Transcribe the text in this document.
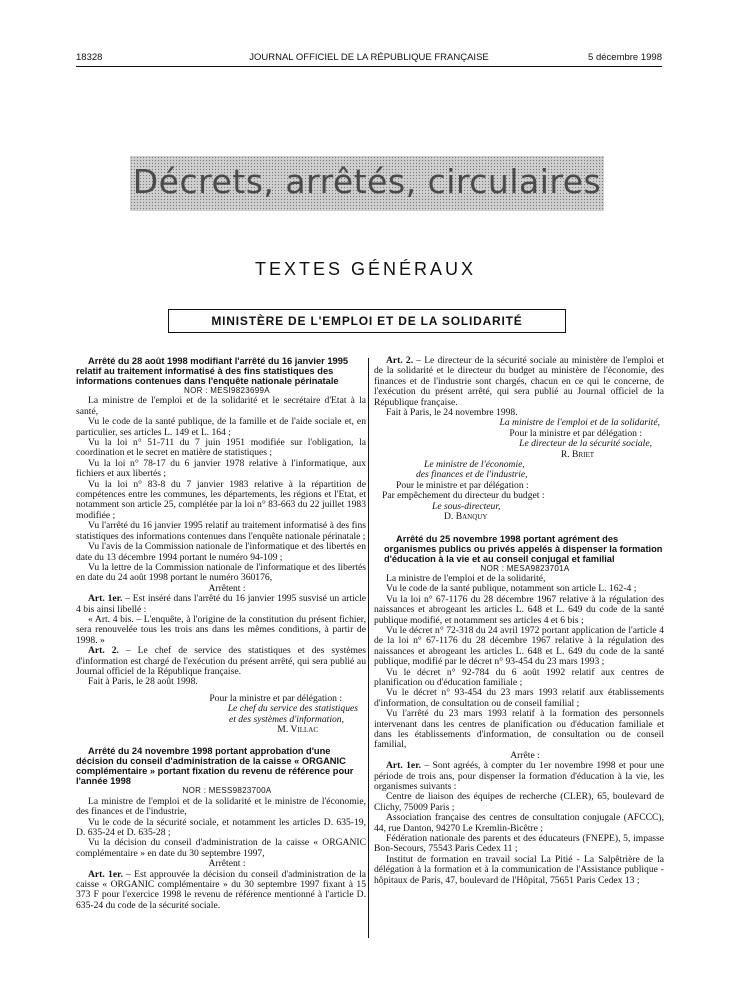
18328	JOURNAL OFFICIEL DE LA RÉPUBLIQUE FRANÇAISE	5 décembre 1998
Décrets, arrêtés, circulaires
TEXTES GÉNÉRAUX
MINISTÈRE DE L'EMPLOI ET DE LA SOLIDARITÉ

Arrêté du 28 août 1998 modifiant l'arrêté du 16 janvier 1995 relatif au traitement informatisé à des fins statistiques des informations contenues dans l'enquête nationale périnatale

NOR : MESI9823699A

La ministre de l'emploi et de la solidarité et le secrétaire d'Etat à la santé,

Vu le code de la santé publique, de la famille et de l'aide sociale et, en particulier, ses articles L. 149 et L. 164 ;

Vu la loi n° 51-711 du 7 juin 1951 modifiée sur l'obligation, la coordination et le secret en matière de statistiques ;

Vu la loi n° 78-17 du 6 janvier 1978 relative à l'informatique, aux fichiers et aux libertés ;

Vu la loi n° 83-8 du 7 janvier 1983 relative à la répartition de compétences entre les communes, les départements, les régions et l'Etat, et notamment son article 25, complétée par la loi n° 83-663 du 22 juillet 1983 modifiée ;

Vu l'arrêté du 16 janvier 1995 relatif au traitement informatisé à des fins statistiques des informations contenues dans l'enquête nationale périnatale ;

Vu l'avis de la Commission nationale de l'informatique et des libertés en date du 13 décembre 1994 portant le numéro 94-109 ;

Vu la lettre de la Commission nationale de l'informatique et des libertés en date du 24 août 1998 portant le numéro 360176,

Arrêtent :

Art. 1er. – Est inséré dans l'arrêté du 16 janvier 1995 susvisé un article 4 bis ainsi libellé :

« Art. 4 bis. – L'enquête, à l'origine de la constitution du présent fichier, sera renouvelée tous les trois ans dans les mêmes conditions, à partir de 1998. »

Art. 2. – Le chef de service des statistiques et des systèmes d'information est chargé de l'exécution du présent arrêté, qui sera publié au Journal officiel de la République française.

Fait à Paris, le 28 août 1998.

Pour la ministre et par délégation :

Le chef du service des statistiques

et des systèmes d'information,

M. Villac

Arrêté du 24 novembre 1998 portant approbation d'une décision du conseil d'administration de la caisse « ORGANIC complémentaire » portant fixation du revenu de référence pour l'année 1998

NOR : MESS9823700A

La ministre de l'emploi et de la solidarité et le ministre de l'économie, des finances et de l'industrie,

Vu le code de la sécurité sociale, et notamment les articles D. 635-19, D. 635-24 et D. 635-28 ;

Vu la décision du conseil d'administration de la caisse « ORGANIC complémentaire » en date du 30 septembre 1997,

Arrêtent :

Art. 1er. – Est approuvée la décision du conseil d'administration de la caisse « ORGANIC complémentaire » du 30 septembre 1997 fixant à 15 373 F pour l'exercice 1998 le revenu de référence mentionné à l'article D. 635-24 du code de la sécurité sociale.

Art. 2. – Le directeur de la sécurité sociale au ministère de l'emploi et de la solidarité et le directeur du budget au ministère de l'économie, des finances et de l'industrie sont chargés, chacun en ce qui le concerne, de l'exécution du présent arrêté, qui sera publié au Journal officiel de la République française.

Fait à Paris, le 24 novembre 1998.

La ministre de l'emploi et de la solidarité,

Pour la ministre et par délégation :

Le directeur de la sécurité sociale,

R. Briet

Le ministre de l'économie,

des finances et de l'industrie,

Pour le ministre et par délégation :

Par empêchement du directeur du budget :

Le sous-directeur,

D. Banquy

Arrêté du 25 novembre 1998 portant agrément des organismes publics ou privés appelés à dispenser la formation d'éducation à la vie et au conseil conjugal et familial

NOR : MESA9823701A

La ministre de l'emploi et de la solidarité,

Vu le code de la santé publique, notamment son article L. 162-4 ;

Vu la loi n° 67-1176 du 28 décembre 1967 relative à la régulation des naissances et abrogeant les articles L. 648 et L. 649 du code de la santé publique modifié, et notamment ses articles 4 et 6 bis ;

Vu le décret n° 72-318 du 24 avril 1972 portant application de l'article 4 de la loi n° 67-1176 du 28 décembre 1967 relative à la régulation des naissances et abrogeant les articles L. 648 et L. 649 du code de la santé publique, modifié par le décret n° 93-454 du 23 mars 1993 ;

Vu le décret n° 92-784 du 6 août 1992 relatif aux centres de planification ou d'éducation familiale ;

Vu le décret n° 93-454 du 23 mars 1993 relatif aux établissements d'information, de consultation ou de conseil familial ;

Vu l'arrêté du 23 mars 1993 relatif à la formation des personnels intervenant dans les centres de planification ou d'éducation familiale et dans les établissements d'information, de consultation ou de conseil familial,

Arrête :

Art. 1er. – Sont agréés, à compter du 1er novembre 1998 et pour une période de trois ans, pour dispenser la formation d'éducation à la vie, les organismes suivants :

Centre de liaison des équipes de recherche (CLER), 65, boulevard de Clichy, 75009 Paris ;

Association française des centres de consultation conjugale (AFCCC), 44, rue Danton, 94270 Le Kremlin-Bicêtre ;

Fédération nationale des parents et des éducateurs (FNEPE), 5, impasse Bon-Secours, 75543 Paris Cedex 11 ;

Institut de formation en travail social La Pitié - La Salpêtrière de la délégation à la formation et à la communication de l'Assistance publique - hôpitaux de Paris, 47, boulevard de l'Hôpital, 75651 Paris Cedex 13 ;
